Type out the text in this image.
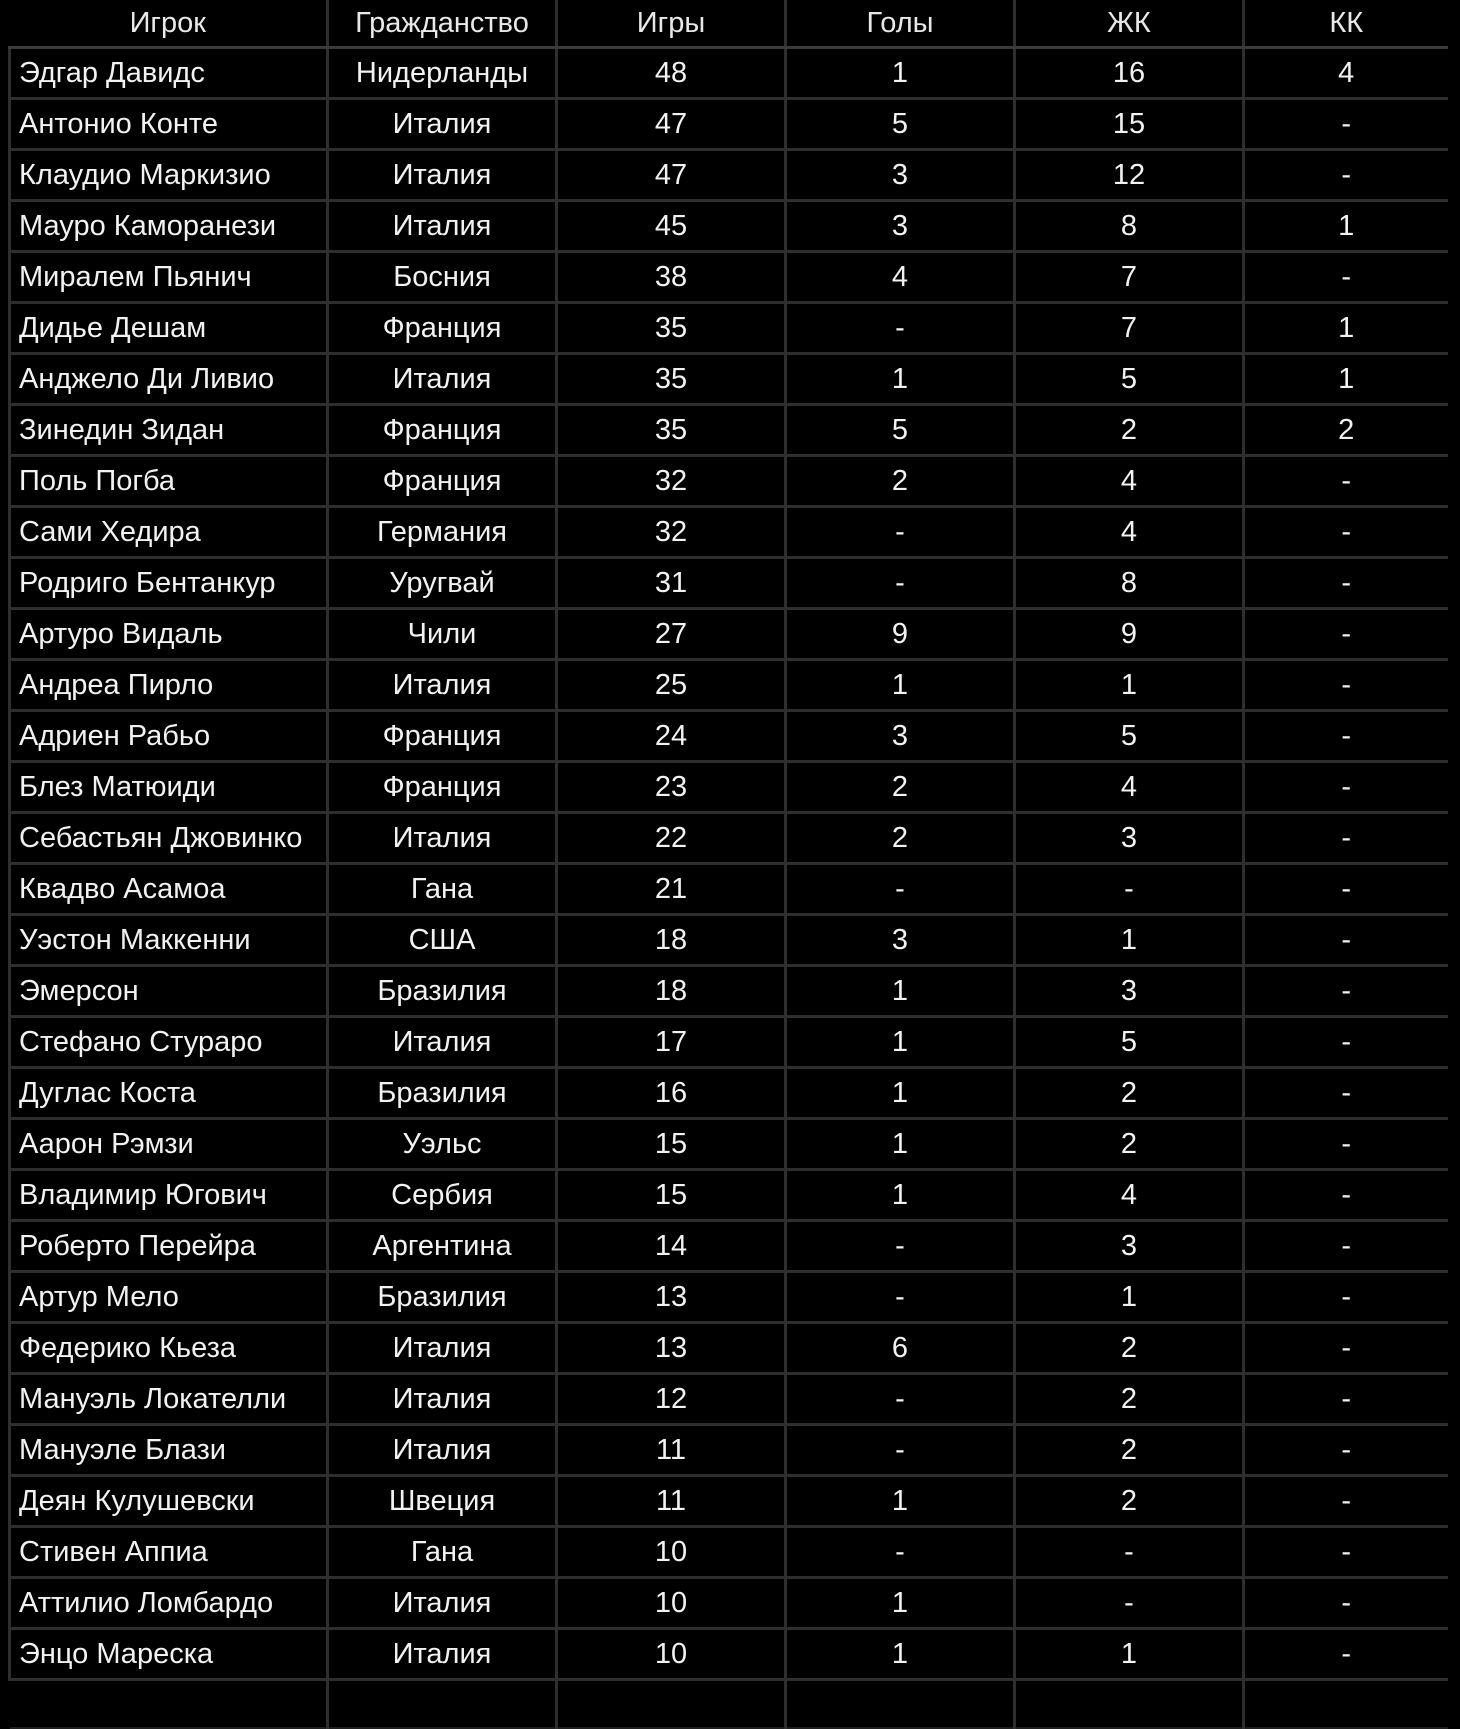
Игрок	Гражданство	Игры	Голы	ЖК	КК
Эдгар Давидс	Нидерланды	48	1	16	4
Антонио Конте	Италия	47	5	15	-
Клаудио Маркизио	Италия	47	3	12	-
Мауро Каморанези	Италия	45	3	8	1
Миралем Пьянич	Босния	38	4	7	-
Дидье Дешам	Франция	35	-	7	1
Анджело Ди Ливио	Италия	35	1	5	1
Зинедин Зидан	Франция	35	5	2	2
Поль Погба	Франция	32	2	4	-
Сами Хедира	Германия	32	-	4	-
Родриго Бентанкур	Уругвай	31	-	8	-
Артуро Видаль	Чили	27	9	9	-
Андреа Пирло	Италия	25	1	1	-
Адриен Рабьо	Франция	24	3	5	-
Блез Матюиди	Франция	23	2	4	-
Себастьян Джовинко	Италия	22	2	3	-
Квадво Асамоа	Гана	21	-	-	-
Уэстон Маккенни	США	18	3	1	-
Эмерсон	Бразилия	18	1	3	-
Стефано Стураро	Италия	17	1	5	-
Дуглас Коста	Бразилия	16	1	2	-
Аарон Рэмзи	Уэльс	15	1	2	-
Владимир Югович	Сербия	15	1	4	-
Роберто Перейра	Аргентина	14	-	3	-
Артур Мело	Бразилия	13	-	1	-
Федерико Кьеза	Италия	13	6	2	-
Мануэль Локателли	Италия	12	-	2	-
Мануэле Блази	Италия	11	-	2	-
Деян Кулушевски	Швеция	11	1	2	-
Стивен Аппиа	Гана	10	-	-	-
Аттилио Ломбардо	Италия	10	1	-	-
Энцо Мареска	Италия	10	1	1	-
